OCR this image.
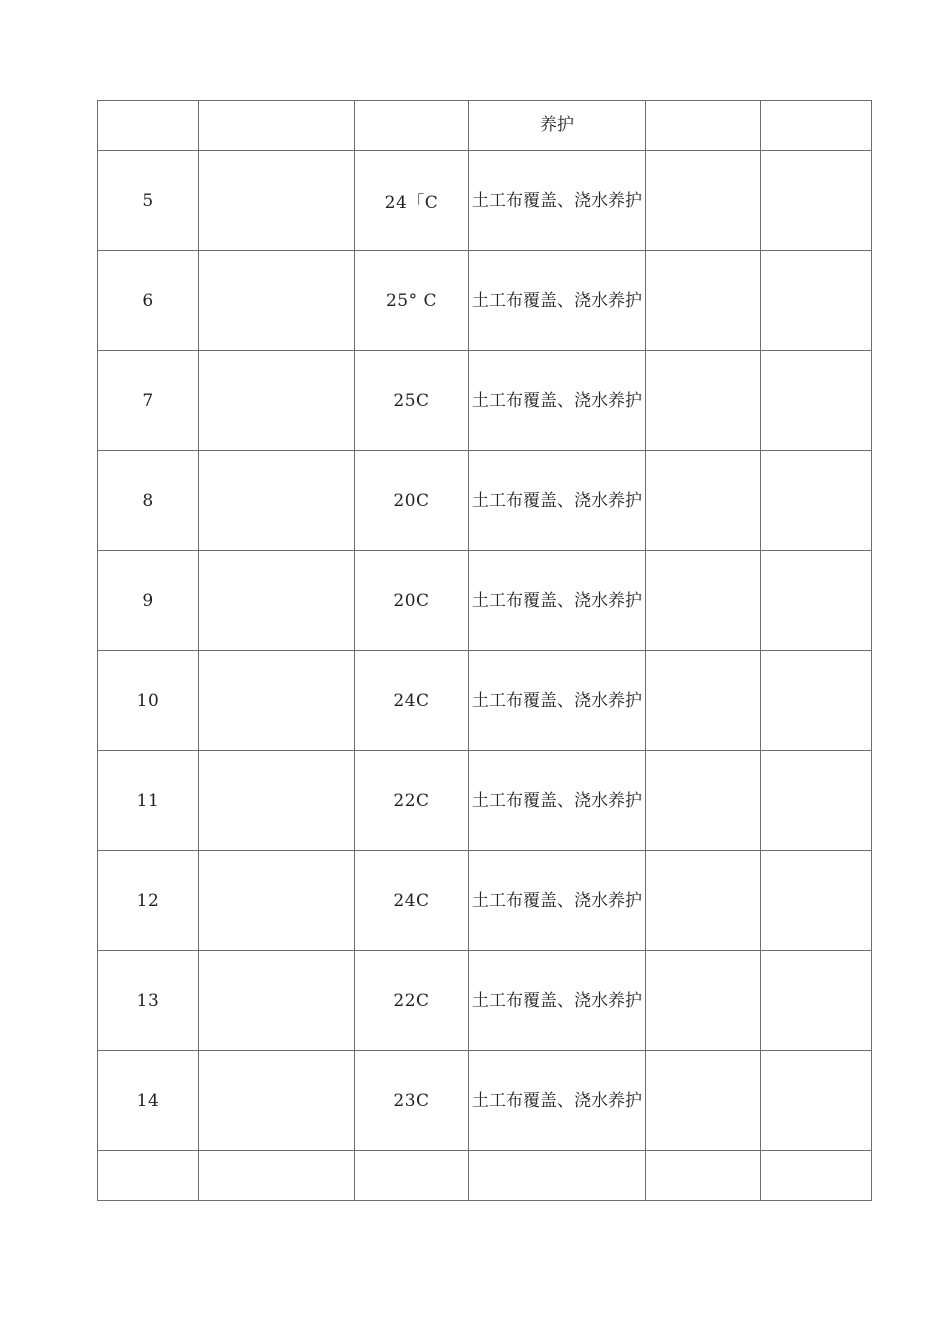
			养护		
5		24「C	土工布覆盖、浇水养护		
6		25° C	土工布覆盖、浇水养护		
7		25C	土工布覆盖、浇水养护		
8		20C	土工布覆盖、浇水养护		
9		20C	土工布覆盖、浇水养护		
10		24C	土工布覆盖、浇水养护		
11		22C	土工布覆盖、浇水养护		
12		24C	土工布覆盖、浇水养护		
13		22C	土工布覆盖、浇水养护		
14		23C	土工布覆盖、浇水养护		
